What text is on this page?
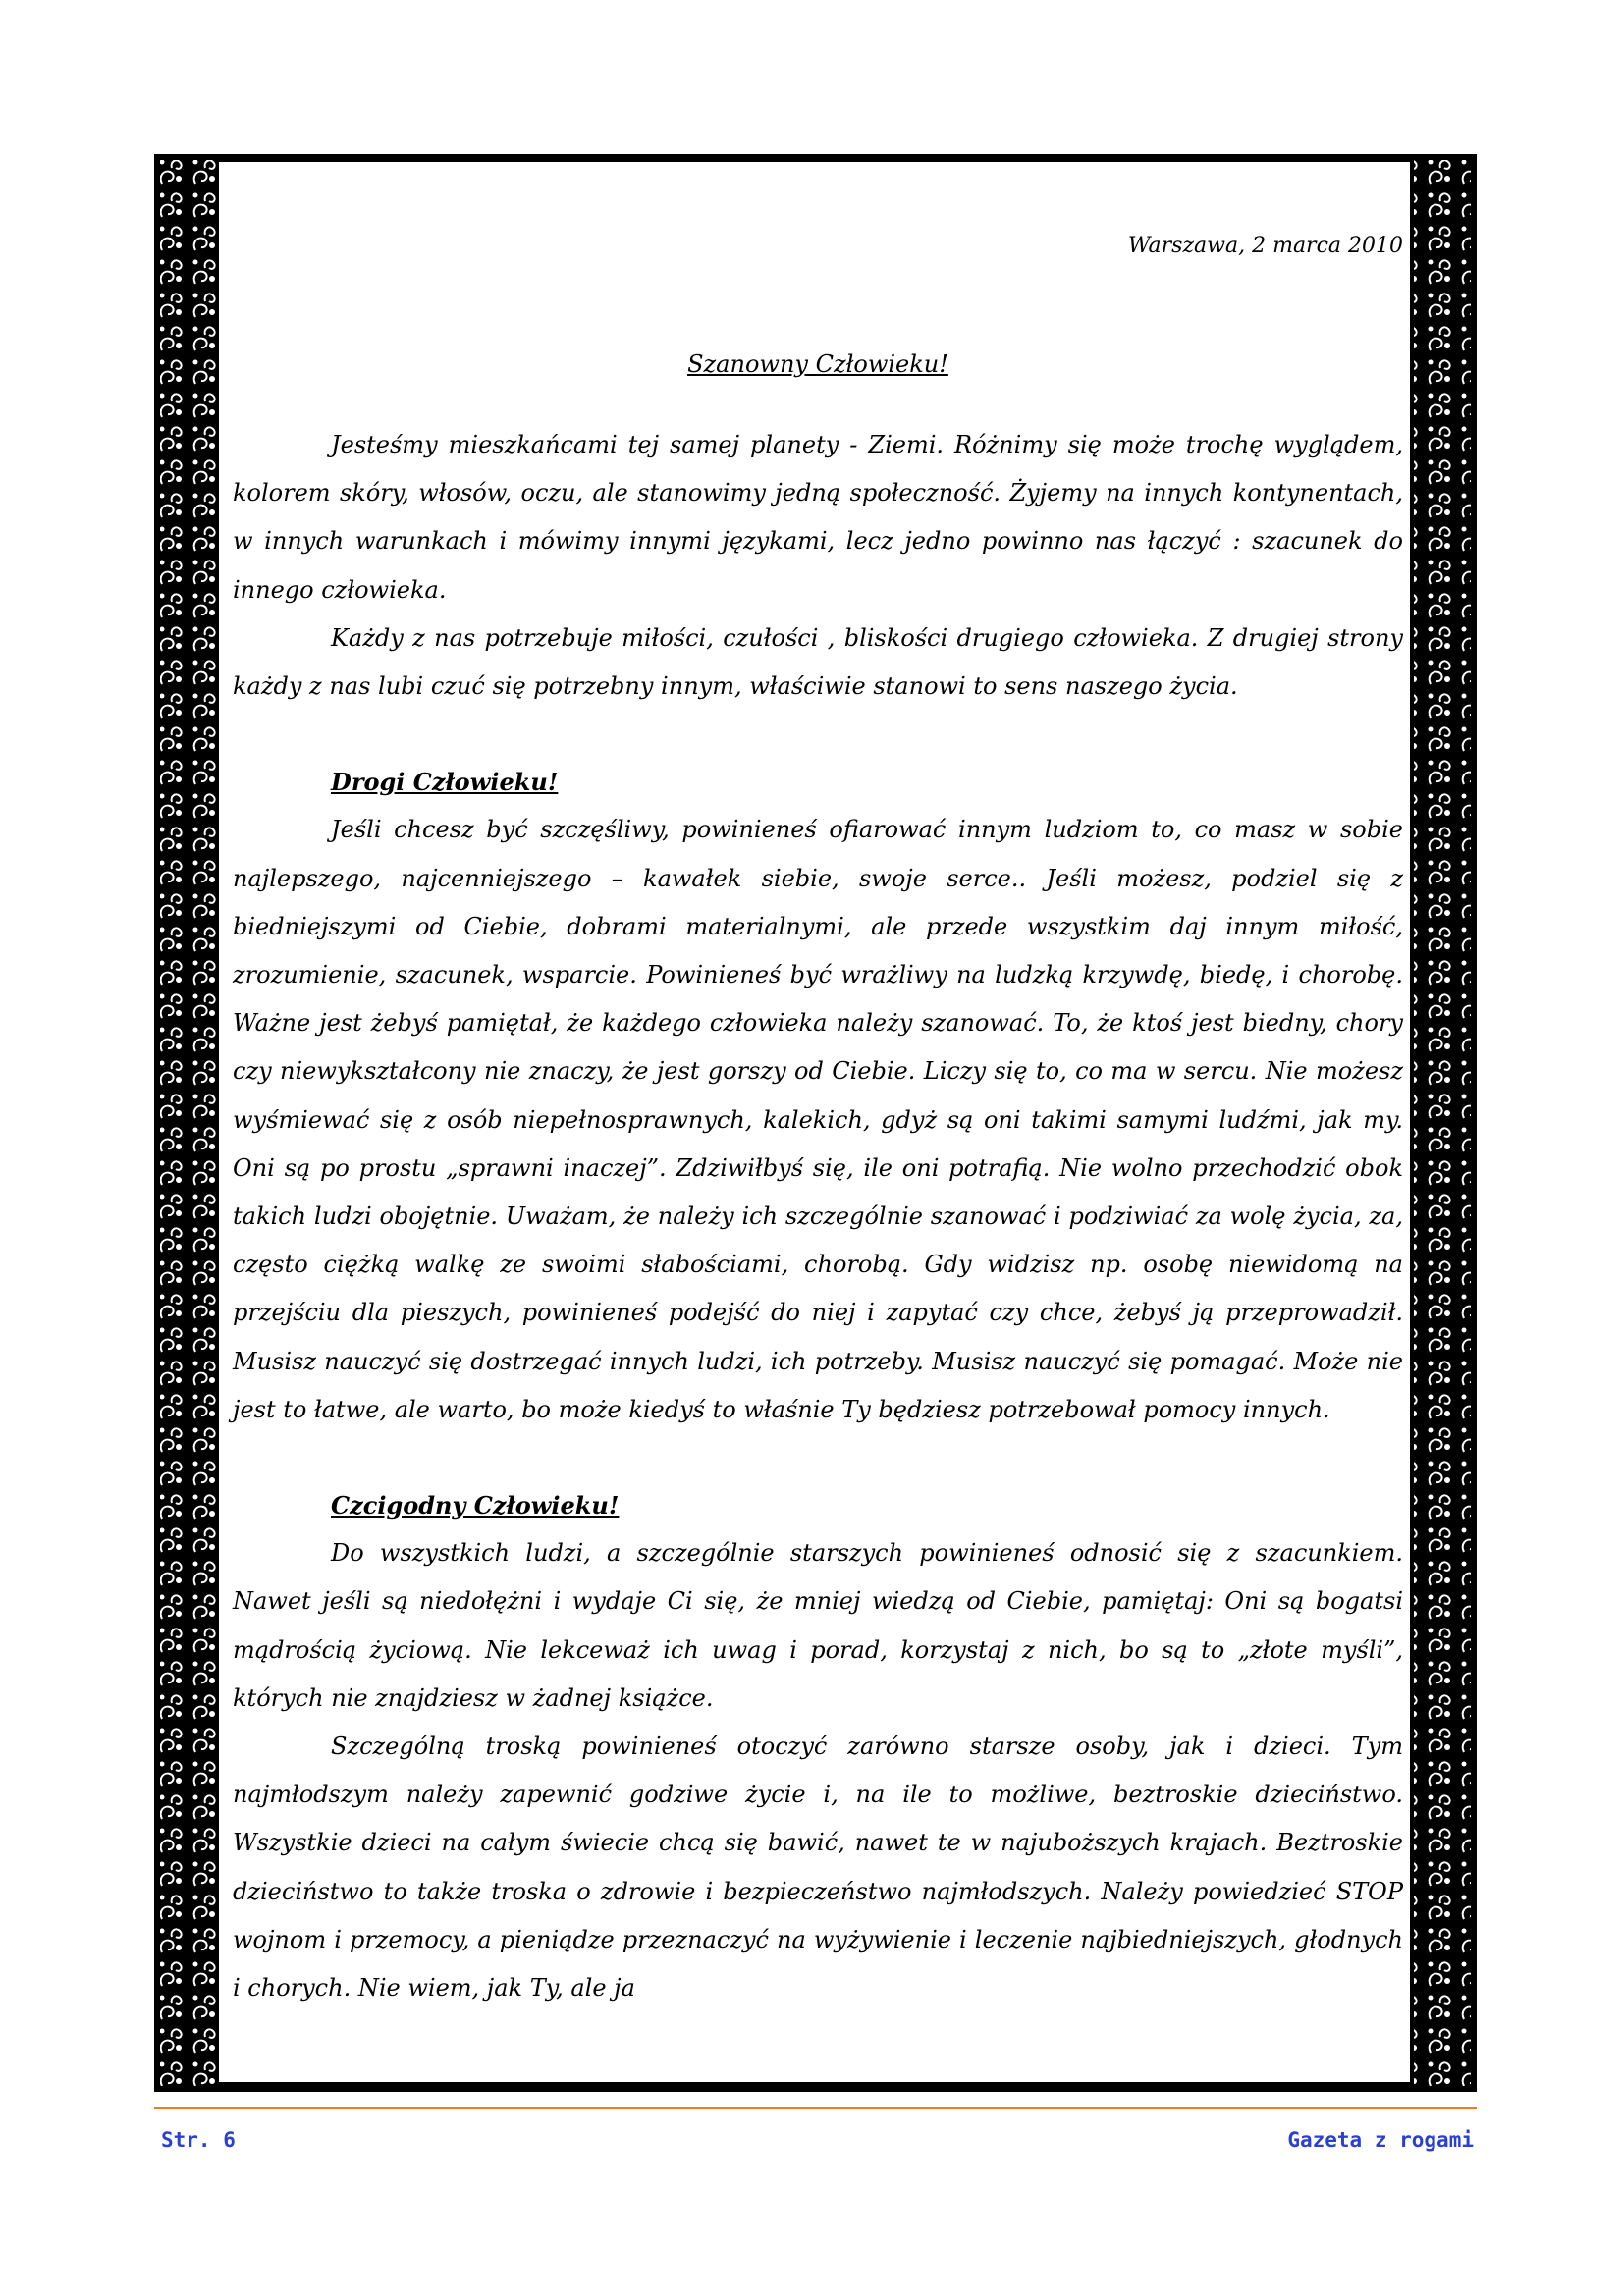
Warszawa, 2 marca 2010
Szanowny Człowieku!

Jesteśmy mieszkańcami tej samej planety - Ziemi. Różnimy się może trochę wyglądem, kolorem skóry, włosów, oczu, ale stanowimy jedną społeczność. Żyjemy na innych kontynentach, w innych warunkach i mówimy innymi językami, lecz jedno powinno nas łączyć : szacunek do innego człowieka.

Każdy z nas potrzebuje miłości, czułości , bliskości drugiego człowieka. Z drugiej strony każdy z nas lubi czuć się potrzebny innym, właściwie stanowi to sens naszego życia.

Drogi Człowieku!

Jeśli chcesz być szczęśliwy, powinieneś ofiarować innym ludziom to, co masz w sobie najlepszego, najcenniejszego – kawałek siebie, swoje serce.. Jeśli możesz, podziel się z biedniejszymi od Ciebie, dobrami materialnymi, ale przede wszystkim daj innym miłość, zrozumienie, szacunek, wsparcie. Powinieneś być wrażliwy na ludzką krzywdę, biedę, i chorobę. Ważne jest żebyś pamiętał, że każdego człowieka należy szanować. To, że ktoś jest biedny, chory czy niewykształcony nie znaczy, że jest gorszy od Ciebie. Liczy się to, co ma w sercu. Nie możesz wyśmiewać się z osób niepełnosprawnych, kalekich, gdyż są oni takimi samymi ludźmi, jak my. Oni są po prostu „sprawni inaczej”. Zdziwiłbyś się, ile oni potrafią. Nie wolno przechodzić obok takich ludzi obojętnie. Uważam, że należy ich szczególnie szanować i podziwiać za wolę życia, za, często ciężką walkę ze swoimi słabościami, chorobą. Gdy widzisz np. osobę niewidomą na przejściu dla pieszych, powinieneś podejść do niej i zapytać czy chce, żebyś ją przeprowadził. Musisz nauczyć się dostrzegać innych ludzi, ich potrzeby. Musisz nauczyć się pomagać. Może nie jest to łatwe, ale warto, bo może kiedyś to właśnie Ty będziesz potrzebował pomocy innych.

Czcigodny Człowieku!

Do wszystkich ludzi, a szczególnie starszych powinieneś odnosić się z szacunkiem. Nawet jeśli są niedołężni i wydaje Ci się, że mniej wiedzą od Ciebie, pamiętaj: Oni są bogatsi mądrością życiową. Nie lekceważ ich uwag i porad, korzystaj z nich, bo są to „złote myśli”, których nie znajdziesz w żadnej książce.

Szczególną troską powinieneś otoczyć zarówno starsze osoby, jak i dzieci. Tym najmłodszym należy zapewnić godziwe życie i, na ile to możliwe, beztroskie dzieciństwo. Wszystkie dzieci na całym świecie chcą się bawić, nawet te w najuboższych krajach. Beztroskie dzieciństwo to także troska o zdrowie i bezpieczeństwo najmłodszych. Należy powiedzieć STOP wojnom i przemocy, a pieniądze przeznaczyć na wyżywienie i leczenie najbiedniejszych, głodnych i chorych. Nie wiem, jak Ty, ale ja

Str. 6	Gazeta z rogami
